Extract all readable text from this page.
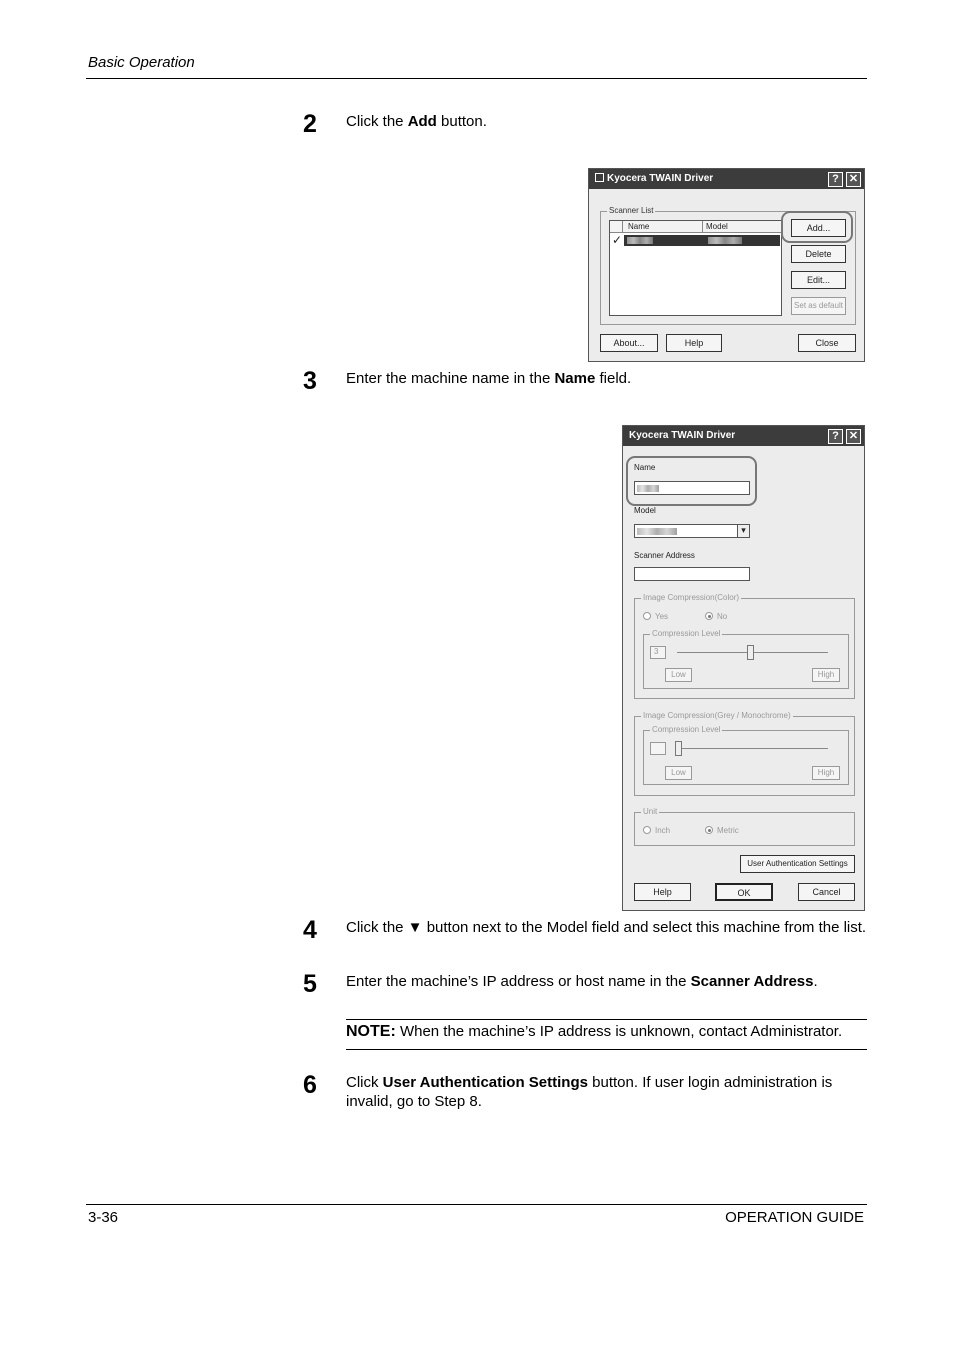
Basic Operation
2 Click the Add button.
Kyocera TWAIN Driver	? ✕
Scanner List
Name	Model
✓
Add...
Delete
Edit...
Set as default
About...	Help	Close
3 Enter the machine name in the Name field.
Kyocera TWAIN Driver	? ✕
Name
Model
▾
Scanner Address
Image Compression(Color)
Yes	No
Compression Level
3
Low	High
Image Compression(Grey / Monochrome)
Compression Level
Low	High
Unit
Inch	Metric
User Authentication Settings
Help	OK	Cancel
4 Click the ▼ button next to the Model field and select this machine from the list.
5 Enter the machine’s IP address or host name in the Scanner Address.
NOTE: When the machine’s IP address is unknown, contact Administrator.
6 Click User Authentication Settings button. If user login administration is invalid, go to Step 8.
3-36	OPERATION GUIDE
